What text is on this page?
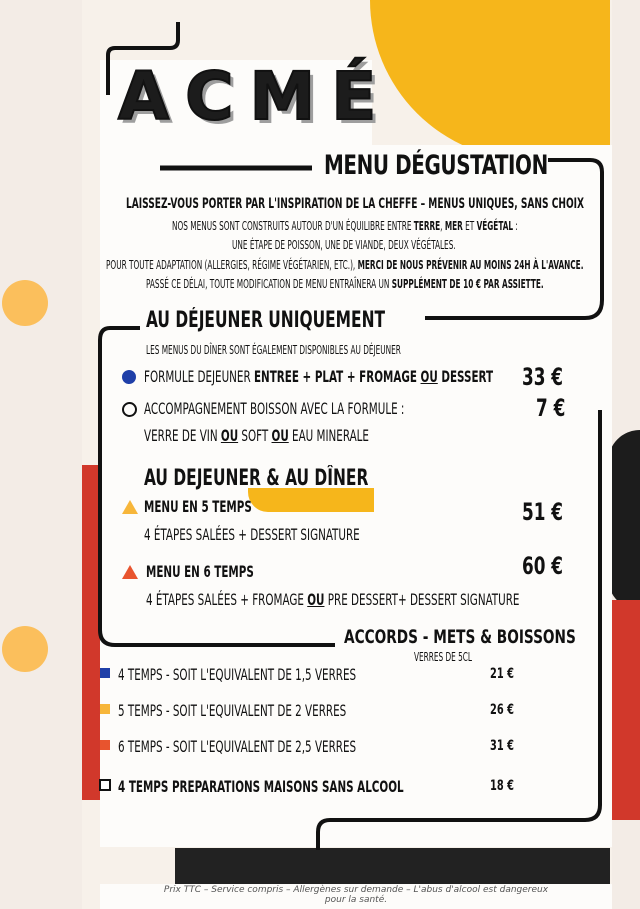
ACMÉ
MENU DÉGUSTATION
LAISSEZ-VOUS PORTER PAR L'INSPIRATION DE LA CHEFFE – MENUS UNIQUES, SANS CHOIX
NOS MENUS SONT CONSTRUITS AUTOUR D'UN ÉQUILIBRE ENTRE TERRE, MER ET VÉGÉTAL :
UNE ÉTAPE DE POISSON, UNE DE VIANDE, DEUX VÉGÉTALES.
POUR TOUTE ADAPTATION (ALLERGIES, RÉGIME VÉGÉTARIEN, ETC.), MERCI DE NOUS PRÉVENIR AU MOINS 24H À L'AVANCE.
PASSÉ CE DÉLAI, TOUTE MODIFICATION DE MENU ENTRAÎNERA UN SUPPLÉMENT DE 10 € PAR ASSIETTE.
AU DÉJEUNER UNIQUEMENT
LES MENUS DU DÎNER SONT ÉGALEMENT DISPONIBLES AU DÉJEUNER
FORMULE DEJEUNER ENTREE + PLAT + FROMAGE OU DESSERT 33 €
ACCOMPAGNEMENT BOISSON AVEC LA FORMULE :	7 €
VERRE DE VIN OU SOFT OU EAU MINERALE
AU DEJEUNER & AU DÎNER
MENU EN 5 TEMPS	51 €
4 ÉTAPES SALÉES + DESSERT SIGNATURE
MENU EN 6 TEMPS	60 €
4 ÉTAPES SALÉES + FROMAGE OU PRE DESSERT+ DESSERT SIGNATURE
ACCORDS - METS & BOISSONS
VERRES DE 5CL
4 TEMPS - SOIT L'EQUIVALENT DE 1,5 VERRES	21 €
5 TEMPS - SOIT L'EQUIVALENT DE 2 VERRES	26 €
6 TEMPS - SOIT L'EQUIVALENT DE 2,5 VERRES	31 €
4 TEMPS PREPARATIONS MAISONS SANS ALCOOL	18 €
Prix TTC – Service compris – Allergènes sur demande – L'abus d'alcool est dangereux
pour la santé.
